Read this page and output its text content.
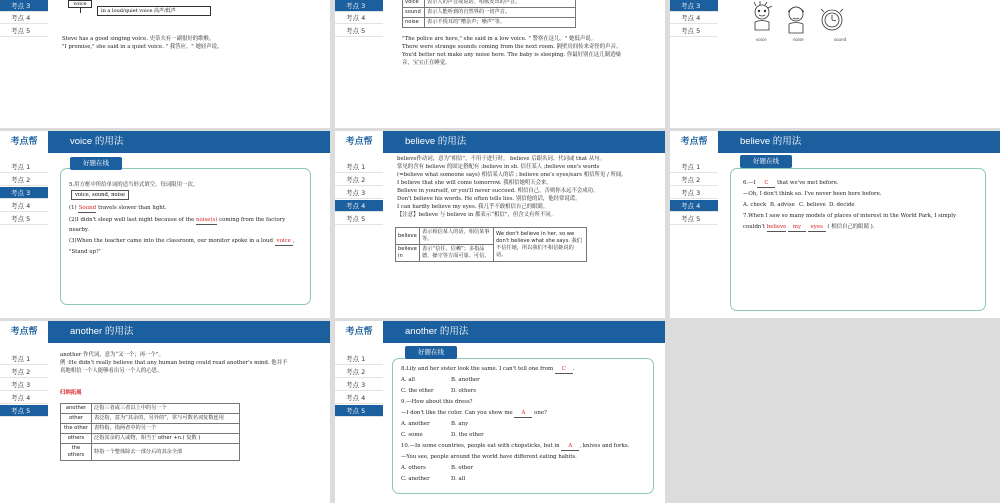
考点 3
考点 4
考点 5
voice
in a loud/quiet voice 高声/低声
Steve has a good singing voice. 史蒂夫有一副很好的歌喉。
"I promise," she said in a quiet voice. " 我答应。" 她轻声说。
考点 3
考点 4
考点 5
voice	表示人的声音或说话、唱歌发出的声音。
sound	表示人能听到的自然界的一切声音。
noise	表示不悦耳的“嘈杂声；噪声”等。
"The police are here," she said in a low voice. " 警察在这儿。" 她低声说。
There were strange sounds coming from the next room. 隔壁房间传来奇怪的声音。
You'd better not make any noise here. The baby is sleeping. 你最好别在这儿制造噪
音，宝宝正在睡觉。
考点 3
考点 4
考点 5
voice	noise	sound
考点帮	voice 的用法
考点 1
考点 2
考点 3
考点 4
考点 5
好题在线
5.用方框中所给单词的适当形式填空。每词限用一次。
voice, sound, noise
(1) Sound travels slower than light.
(2)I didn't sleep well last night because of the noise(s) coming from the factory
nearby.
(3)When the teacher came into the classroom, our monitor spoke in a loud voice ,
"Stand up!"
考点帮	believe 的用法
考点 1
考点 2
考点 3
考点 4
考点 5
believe作动词，意为“相信”，不用于进行时。 believe 后跟名词、代词或 that 从句。
常见的含有 believe 的固定搭配有 :believe in sb. 信任某人 ;believe one's words
(=believe what someone says) 相信某人的话 ; believe one's eyes/ears 相信所见 / 所闻。
I believe that she will come tomorrow. 我相信她明天会来。
Believe in yourself, or you'll never succeed. 相信自己，否则你永远不会成功。
Don't believe his words. He often tells lies. 别信他的话，他经常说谎。
I can hardly believe my eyes. 我几乎不敢相信自己的眼睛。
【注意】believe 与 believe in 都表示“相信”，但含义有所不同。
believe	表示相信某人的话，相信某事等。	We don't believe in her, so we don't believe what she says. 我们不信任她，所以我们不相信她说的话。
believe in	表示“信任，信赖”；多指品德、操守等方面可靠、可信。	
考点帮	believe 的用法
考点 1
考点 2
考点 3
考点 4
考点 5
好题在线
6.—I C that we've met before.
—Oh, I don't think so. I've never been here before.
A. check B. advise C. believe D. decide
7.When I saw so many models of places of interest in the World Park, I simply
couldn't believe my eyes ( 相信自己的眼睛 ).
考点帮	another 的用法
考点 1
考点 2
考点 3
考点 4
考点 5
another 作代词，意为“又一个；再一个”。
例 :He didn't really believe that any human being could read another's mind. 他并不
真地相信一个人能够看出另一个人的心思。
归纳拓展
another	泛指三者或三者以上中的另一个
other	表泛指，意为“其余的，另外的”，常与可数名词复数连用
the other	表特指，指两者中的另一个
others	泛指其余的人或物，相当于 other +n.( 复数 )
the others	特指一个整体除去一部分后的其余全部
考点帮	another 的用法
考点 1
考点 2
考点 3
考点 4
考点 5
好题在线
8.Lily and her sister look the same. I can't tell one from C .
A. all	B. another
C. the other	D. others
9.—How about this dress?
—I don't like the color. Can you show me A one?
A. another	B. any
C. some	D. the other
10.—In some countries, people eat with chopsticks, but in A , knives and forks.
—You see, people around the world have different eating habits.
A. others	B. other
C. another	D. all
